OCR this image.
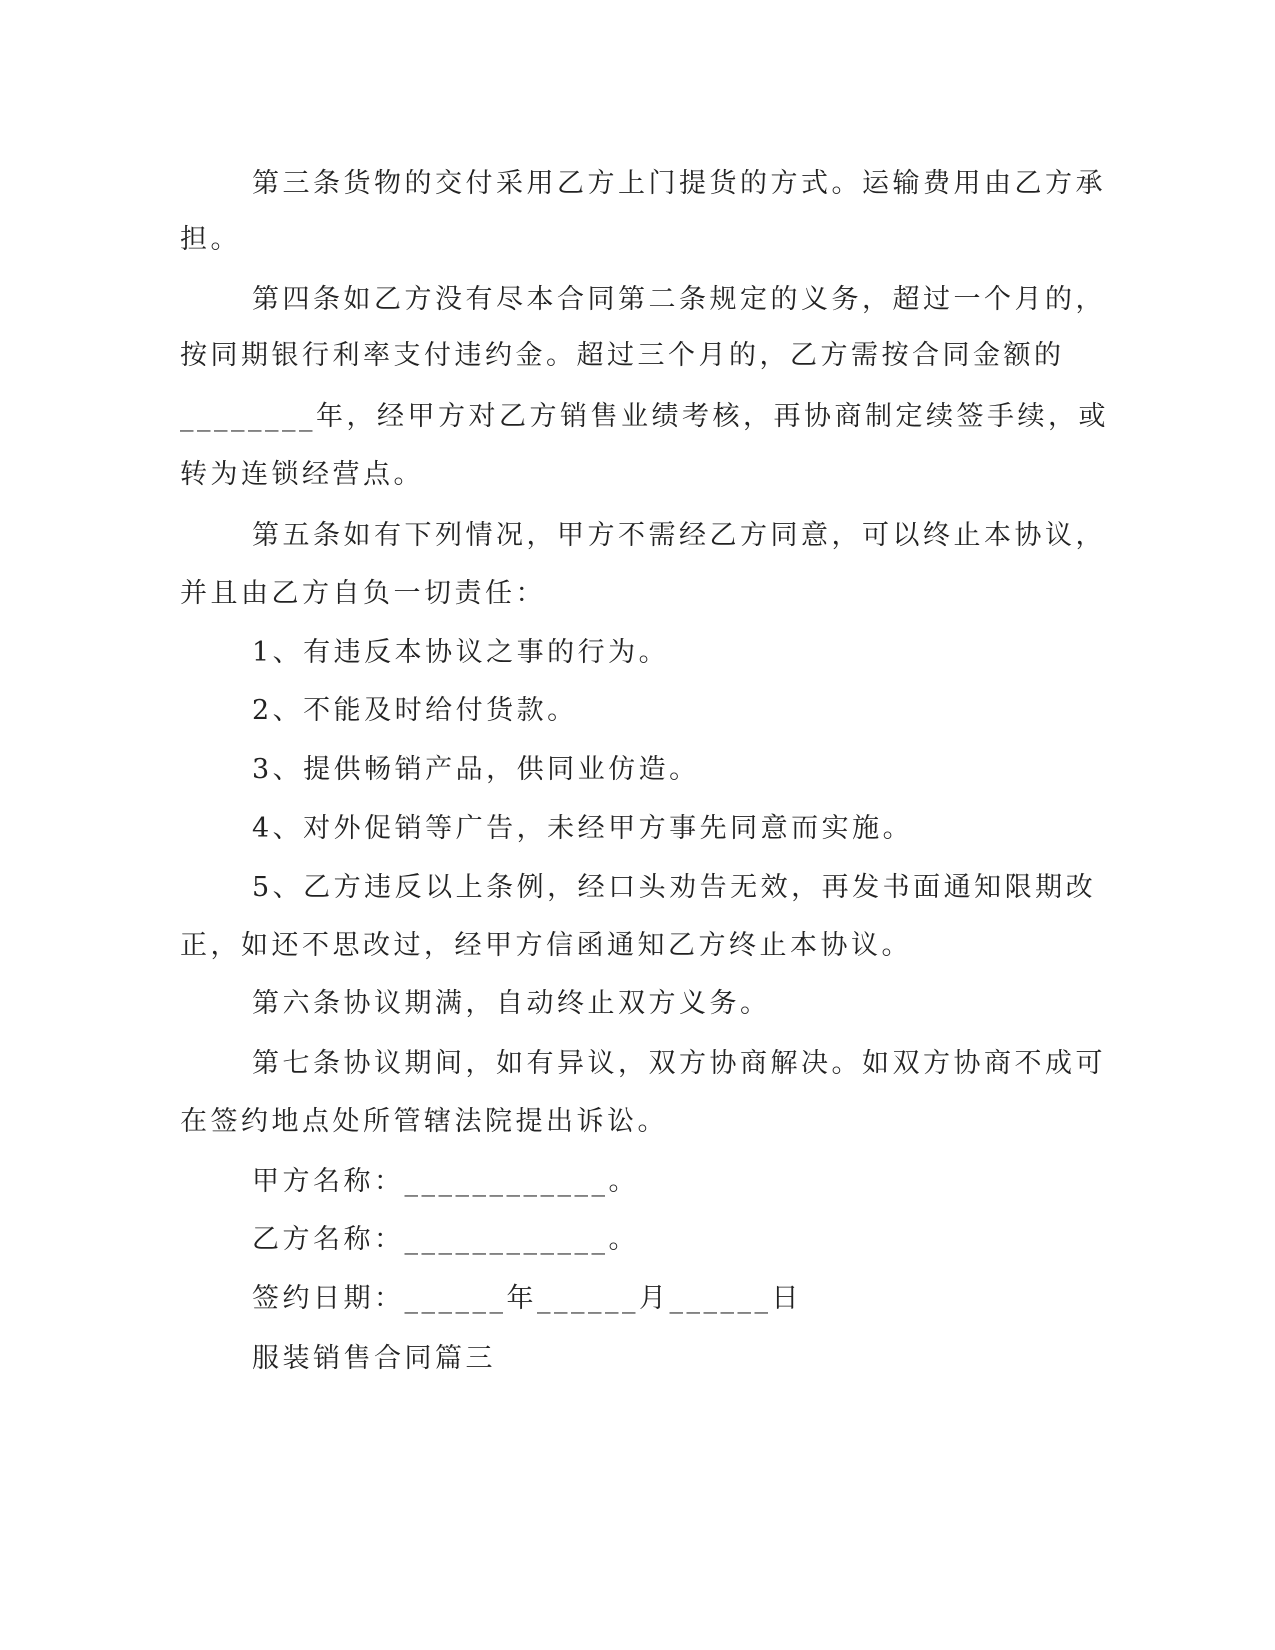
第三条货物的交付采用乙方上门提货的方式。运输费用由乙方承
担。
第四条如乙方没有尽本合同第二条规定的义务，超过一个月的，
按同期银行利率支付违约金。超过三个月的，乙方需按合同金额的
________年，经甲方对乙方销售业绩考核，再协商制定续签手续，或
转为连锁经营点。
第五条如有下列情况，甲方不需经乙方同意，可以终止本协议，
并且由乙方自负一切责任：
1、有违反本协议之事的行为。
2、不能及时给付货款。
3、提供畅销产品，供同业仿造。
4、对外促销等广告，未经甲方事先同意而实施。
5、乙方违反以上条例，经口头劝告无效，再发书面通知限期改
正，如还不思改过，经甲方信函通知乙方终止本协议。
第六条协议期满，自动终止双方义务。
第七条协议期间，如有异议，双方协商解决。如双方协商不成可
在签约地点处所管辖法院提出诉讼。
甲方名称：____________。
乙方名称：____________。
签约日期：______年______月______日
服装销售合同篇三
